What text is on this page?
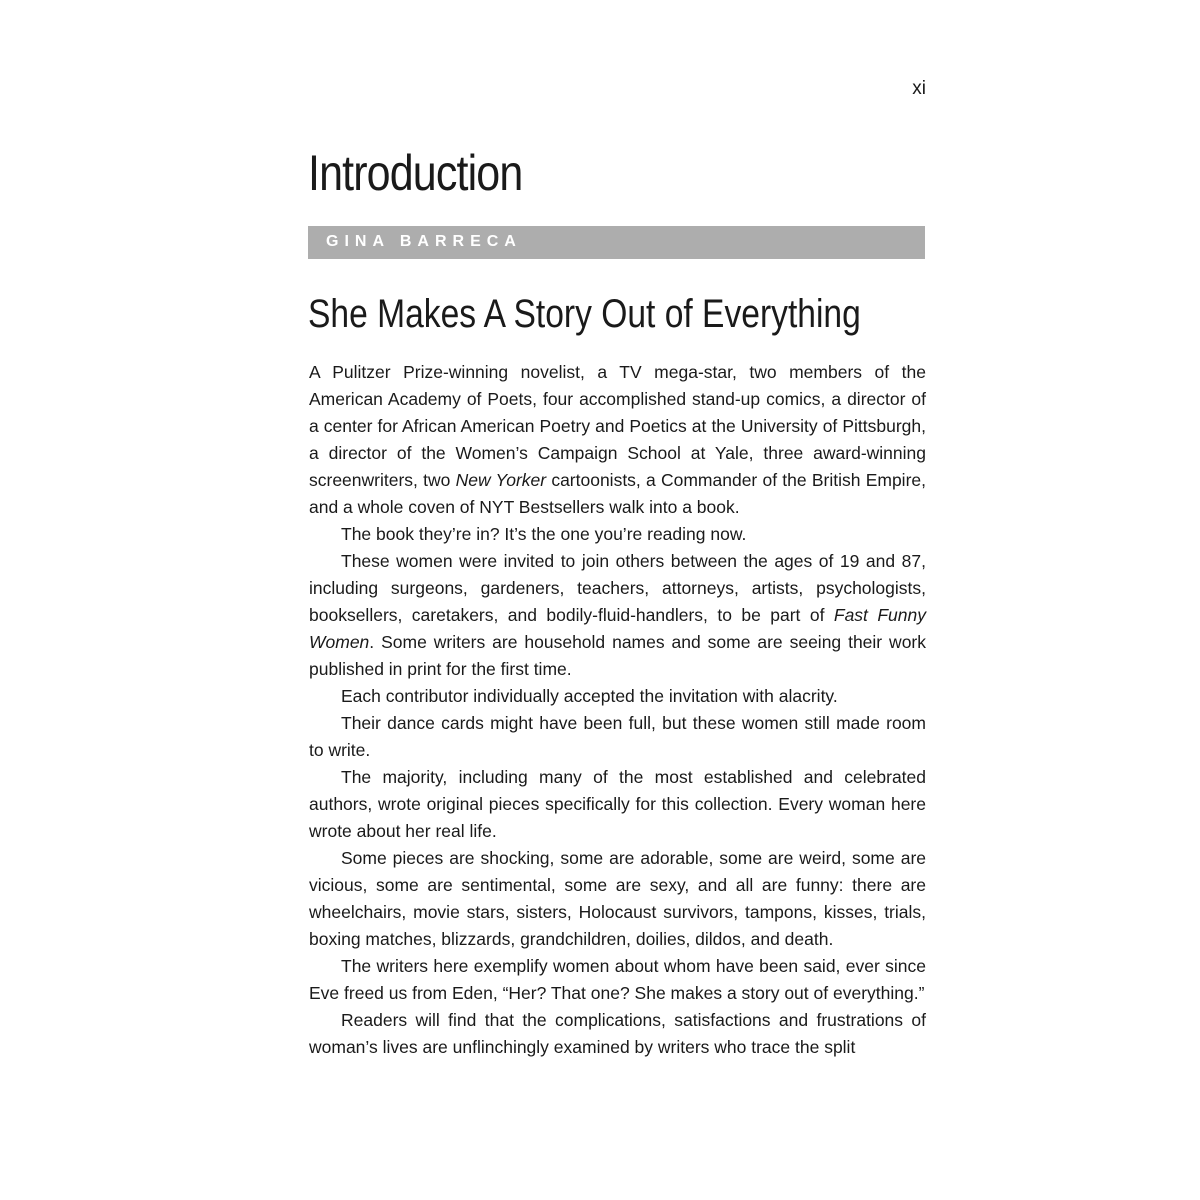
xi
Introduction
GINA BARRECA
She Makes A Story Out of Everything

A Pulitzer Prize-winning novelist, a TV mega-star, two members of the American Academy of Poets, four accomplished stand-up comics, a director of a center for African American Poetry and Poetics at the University of Pittsburgh, a director of the Women’s Campaign School at Yale, three award-winning screenwriters, two New Yorker cartoonists, a Commander of the British Empire, and a whole coven of NYT Bestsellers walk into a book.

The book they’re in? It’s the one you’re reading now.

These women were invited to join others between the ages of 19 and 87, including surgeons, gardeners, teachers, attorneys, artists, psychologists, booksellers, caretakers, and bodily-fluid-handlers, to be part of Fast Funny Women. Some writers are household names and some are seeing their work published in print for the first time.

Each contributor individually accepted the invitation with alacrity.

Their dance cards might have been full, but these women still made room to write.

The majority, including many of the most established and celebrated authors, wrote original pieces specifically for this collection. Every woman here wrote about her real life.

Some pieces are shocking, some are adorable, some are weird, some are vicious, some are sentimental, some are sexy, and all are funny: there are wheelchairs, movie stars, sisters, Holocaust survivors, tampons, kisses, trials, boxing matches, blizzards, grandchildren, doilies, dildos, and death.

The writers here exemplify women about whom have been said, ever since Eve freed us from Eden, “Her? That one? She makes a story out of everything.”

Readers will find that the complications, satisfactions and frustrations of woman’s lives are unflinchingly examined by writers who trace the split
